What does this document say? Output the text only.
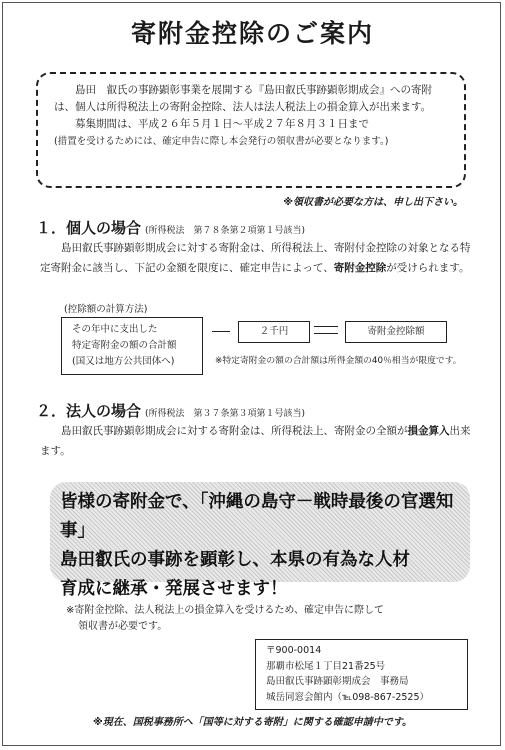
寄附金控除のご案内

島田　叡氏の事跡顕彰事業を展開する『島田叡氏事跡顕彰期成会』への寄附は、個人は所得税法上の寄附金控除、法人は法人税法上の損金算入が出来ます。

募集期間は、平成２６年５月１日～平成２７年８月３１日まで

(措置を受けるためには、確定申告に際し本会発行の領収書が必要となります。)

※領収書が必要な方は、申し出下さい。
１．個人の場合 (所得税法　第７８条第２項第１号該当)

島田叡氏事跡顕彰期成会に対する寄附金は、所得税法上、寄附付金控除の対象となる特定寄附金に該当し、下記の金額を限度に、確定申告によって、寄附金控除が受けられます。

(控除額の計算方法)
その年中に支出した
特定寄附金の額の合計額
(国又は地方公共団体へ)
２千円	寄附金控除額
※特定寄附金の額の合計額は所得金額の40％相当が限度です。
２．法人の場合 (所得税法　第３７条第３項第１号該当)

島田叡氏事跡顕彰期成会に対する寄附金は、所得税法上、寄附金の全額が損金算入出来ます。

皆様の寄附金で、「沖縄の島守－戦時最後の官選知事」
島田叡氏の事跡を顕彰し、本県の有為な人材
育成に継承・発展させます！
※寄附金控除、法人税法上の損金算入を受けるため、確定申告に際して
領収書が必要です。
〒900-0014
那覇市松尾１丁目21番25号
島田叡氏事跡顕彰期成会　事務局
城岳同窓会館内（℡098-867-2525）
※現在、国税事務所へ「国等に対する寄附」に関する確認申請中です。
